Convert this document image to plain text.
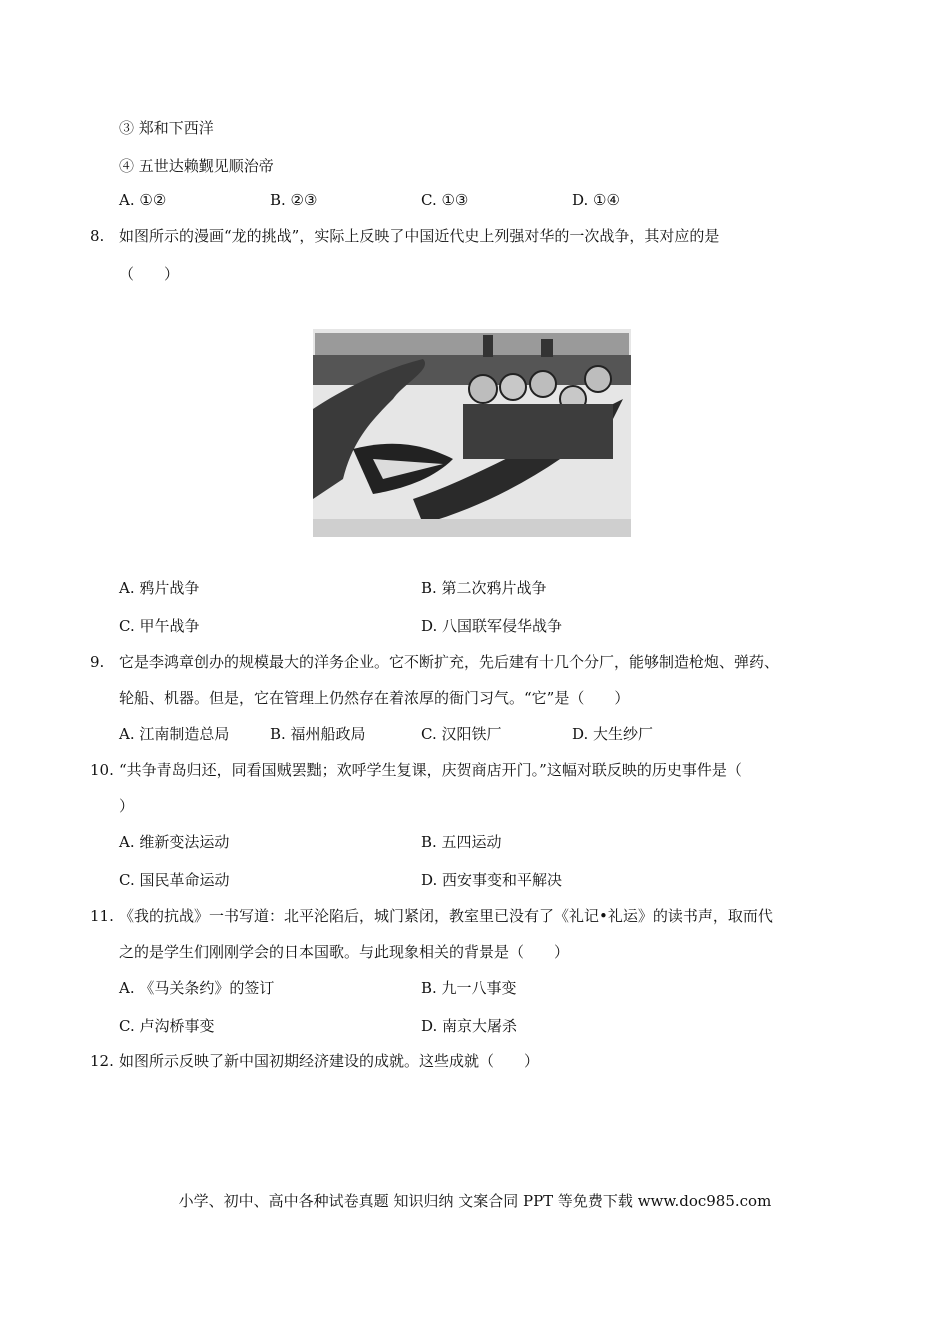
③ 郑和下西洋
④ 五世达赖觐见顺治帝
A. ①②	B. ②③	C. ①③	D. ①④
8. 如图所示的漫画“龙的挑战”，实际上反映了中国近代史上列强对华的一次战争，其对应的是
（　　）
A. 鸦片战争	B. 第二次鸦片战争
C. 甲午战争	D. 八国联军侵华战争
9. 它是李鸿章创办的规模最大的洋务企业。它不断扩充，先后建有十几个分厂，能够制造枪炮、弹药、
轮船、机器。但是，它在管理上仍然存在着浓厚的衙门习气。“它”是（　　）
A. 江南制造总局	B. 福州船政局	C. 汉阳铁厂	D. 大生纱厂
10. “共争青岛归还，同看国贼罢黜；欢呼学生复课，庆贺商店开门。”这幅对联反映的历史事件是（
）
A. 维新变法运动	B. 五四运动
C. 国民革命运动	D. 西安事变和平解决
11. 《我的抗战》一书写道：北平沦陷后，城门紧闭，教室里已没有了《礼记•礼运》的读书声，取而代
之的是学生们刚刚学会的日本国歌。与此现象相关的背景是（　　）
A. 《马关条约》的签订	B. 九一八事变
C. 卢沟桥事变	D. 南京大屠杀
12. 如图所示反映了新中国初期经济建设的成就。这些成就（　　）
小学、初中、高中各种试卷真题 知识归纳 文案合同 PPT 等免费下载 www.doc985.com
